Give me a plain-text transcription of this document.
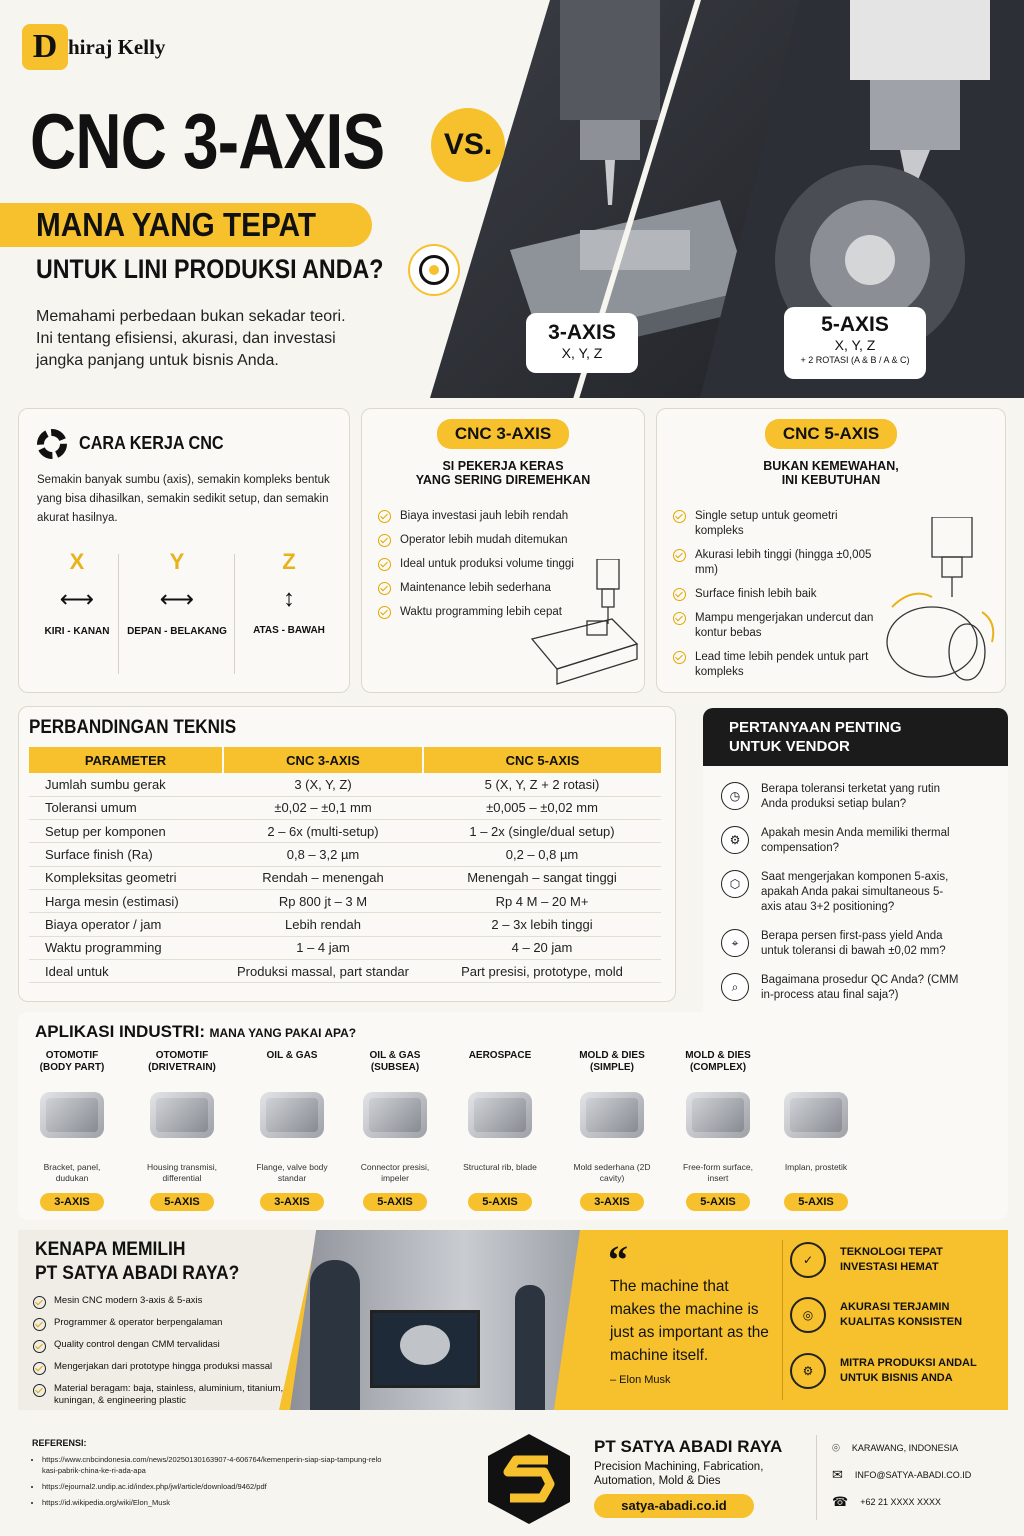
D hiraj Kelly
CNC 3-AXIS	VS.
MANA YANG TEPAT
UNTUK LINI PRODUKSI ANDA?
Memahami perbedaan bukan sekadar teori.
Ini tentang efisiensi, akurasi, dan investasi
jangka panjang untuk bisnis Anda.
3-AXIS
X, Y, Z
5-AXIS
X, Y, Z
+ 2 ROTASI (A & B / A & C)
CARA KERJA CNC
Semakin banyak sumbu (axis), semakin kompleks bentuk yang bisa dihasilkan, semakin sedikit setup, dan semakin akurat hasilnya.
X
⟷
KIRI - KANAN
Y
⟷
DEPAN - BELAKANG
Z
↕
ATAS - BAWAH
CNC 3-AXIS
SI PEKERJA KERAS
YANG SERING DIREMEHKAN
Biaya investasi jauh lebih rendah
Operator lebih mudah ditemukan
Ideal untuk produksi volume tinggi
Maintenance lebih sederhana
Waktu programming lebih cepat
CNC 5-AXIS
BUKAN KEMEWAHAN,
INI KEBUTUHAN
Single setup untuk geometri kompleks
Akurasi lebih tinggi (hingga ±0,005 mm)
Surface finish lebih baik
Mampu mengerjakan undercut dan kontur bebas
Lead time lebih pendek untuk part kompleks
PERBANDINGAN TEKNIS
PARAMETER	CNC 3-AXIS	CNC 5-AXIS
Jumlah sumbu gerak	3 (X, Y, Z)	5 (X, Y, Z + 2 rotasi)
Toleransi umum	±0,02 – ±0,1 mm	±0,005 – ±0,02 mm
Setup per komponen	2 – 6x (multi-setup)	1 – 2x (single/dual setup)
Surface finish (Ra)	0,8 – 3,2 µm	0,2 – 0,8 µm
Kompleksitas geometri	Rendah – menengah	Menengah – sangat tinggi
Harga mesin (estimasi)	Rp 800 jt – 3 M	Rp 4 M – 20 M+
Biaya operator / jam	Lebih rendah	2 – 3x lebih tinggi
Waktu programming	1 – 4 jam	4 – 20 jam
Ideal untuk	Produksi massal, part standar	Part presisi, prototype, mold
PERTANYAAN PENTING
UNTUK VENDOR
◷	Berapa toleransi terketat yang rutin Anda produksi setiap bulan?
⚙	Apakah mesin Anda memiliki thermal compensation?
⬡	Saat mengerjakan komponen 5-axis, apakah Anda pakai simultaneous 5-axis atau 3+2 positioning?
⌖	Berapa persen first-pass yield Anda untuk toleransi di bawah ±0,02 mm?
⌕	Bagaimana prosedur QC Anda? (CMM in-process atau final saja?)
APLIKASI INDUSTRI: MANA YANG PAKAI APA?
OTOMOTIF
(BODY PART)
Bracket, panel, dudukan
3-AXIS
OTOMOTIF
(DRIVETRAIN)
Housing transmisi, differential
5-AXIS
OIL & GAS
Flange, valve body standar
3-AXIS
OIL & GAS
(SUBSEA)
Connector presisi, impeler
5-AXIS
AEROSPACE
Structural rib, blade
5-AXIS
MOLD & DIES
(SIMPLE)
Mold sederhana (2D cavity)
3-AXIS
MOLD & DIES
(COMPLEX)
Free-form surface, insert
5-AXIS
Implan, prostetik
5-AXIS
KENAPA MEMILIH
PT SATYA ABADI RAYA?
Mesin CNC modern 3-axis & 5-axis
Programmer & operator berpengalaman
Quality control dengan CMM tervalidasi
Mengerjakan dari prototype hingga produksi massal
Material beragam: baja, stainless, aluminium, titanium, kuningan, & engineering plastic
“
The machine that makes the machine is just as important as the machine itself.
– Elon Musk
✓
TEKNOLOGI TEPAT INVESTASI HEMAT
◎
AKURASI TERJAMIN KUALITAS KONSISTEN
⚙
MITRA PRODUKSI ANDAL UNTUK BISNIS ANDA
REFERENSI:
• https://www.cnbcindonesia.com/news/20250130163907-4-606764/kemenperin-siap-siap-tampung-relokasi-pabrik-china-ke-ri-ada-apa
• https://ejournal2.undip.ac.id/index.php/jwl/article/download/9462/pdf
• https://id.wikipedia.org/wiki/Elon_Musk
PT SATYA ABADI RAYA
Precision Machining, Fabrication,
Automation, Mold & Dies
satya-abadi.co.id
⌾ KARAWANG, INDONESIA
✉ INFO@SATYA-ABADI.CO.ID
☎ +62 21 XXXX XXXX
